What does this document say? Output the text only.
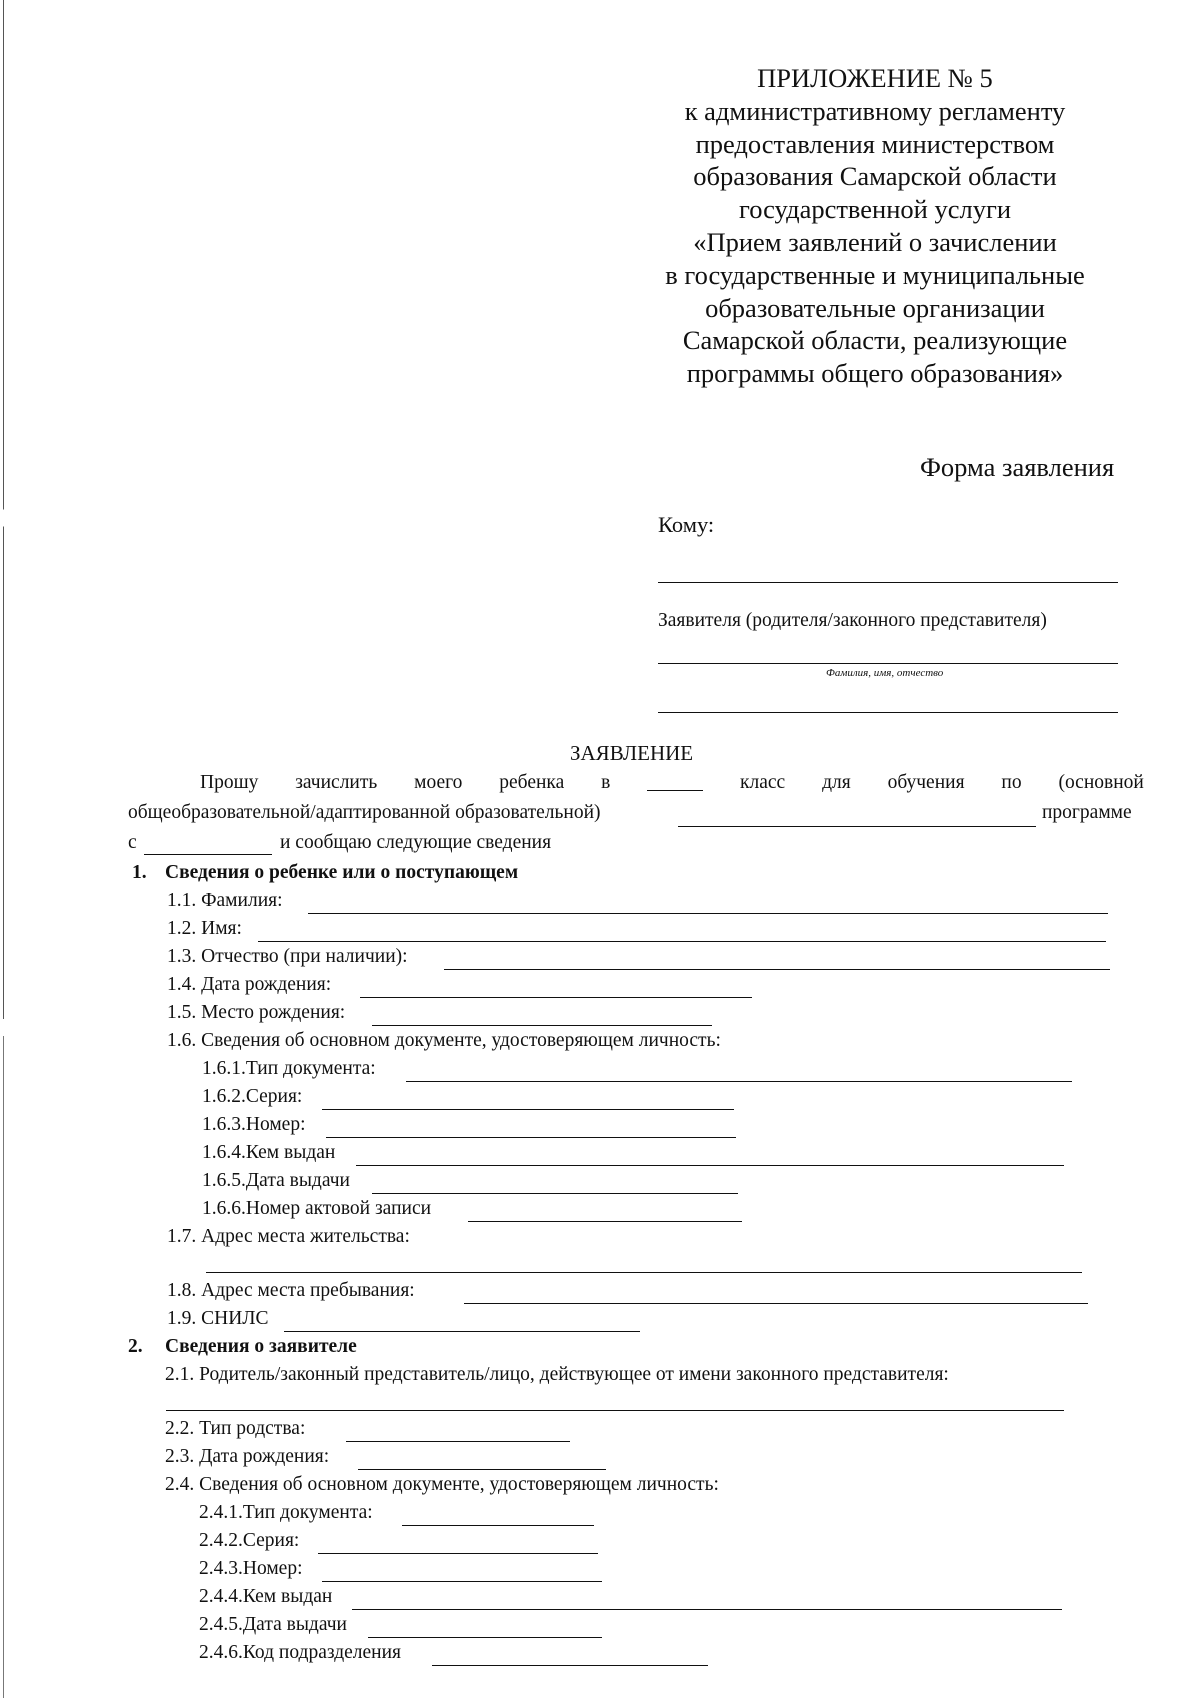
ПРИЛОЖЕНИЕ № 5
к административному регламенту
предоставления министерством
образования Самарской области
государственной услуги
«Прием заявлений о зачислении
в государственные и муниципальные
образовательные организации
Самарской области, реализующие
программы общего образования»
Форма заявления
Кому:
Заявителя (родителя/законного представителя)
Фамилия, имя, отчество
ЗАЯВЛЕНИЕ
Прошу зачислить моего ребенка в	класс для обучения по (основной
общеобразовательной/адаптированной образовательной)	программе
с	и сообщаю следующие сведения
1. Сведения о ребенке или о поступающем
1.1. Фамилия:
1.2. Имя:
1.3. Отчество (при наличии):
1.4. Дата рождения:
1.5. Место рождения:
1.6. Сведения об основном документе, удостоверяющем личность:
1.6.1.Тип документа:
1.6.2.Серия:
1.6.3.Номер:
1.6.4.Кем выдан
1.6.5.Дата выдачи
1.6.6.Номер актовой записи
1.7. Адрес места жительства:
1.8. Адрес места пребывания:
1.9. СНИЛС
2. Сведения о заявителе
2.1. Родитель/законный представитель/лицо, действующее от имени законного представителя:
2.2. Тип родства:
2.3. Дата рождения:
2.4. Сведения об основном документе, удостоверяющем личность:
2.4.1.Тип документа:
2.4.2.Серия:
2.4.3.Номер:
2.4.4.Кем выдан
2.4.5.Дата выдачи
2.4.6.Код подразделения
